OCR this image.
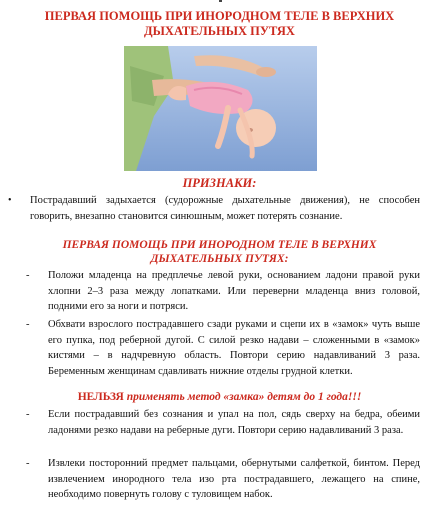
ПЕРВАЯ ПОМОЩЬ ПРИ ИНОРОДНОМ ТЕЛЕ В ВЕРХНИХ
ДЫХАТЕЛЬНЫХ ПУТЯХ
ПРИЗНАКИ:
• Пострадавший задыхается (судорожные дыхательные движения), не способен говорить, внезапно становится синюшным, может потерять сознание.
ПЕРВАЯ ПОМОЩЬ ПРИ ИНОРОДНОМ ТЕЛЕ В ВЕРХНИХ
ДЫХАТЕЛЬНЫХ ПУТЯХ:
- Положи младенца на предплечье левой руки, основанием ладони правой руки хлопни 2–3 раза между лопатками. Или переверни младенца вниз головой, подними его за ноги и потряси.
- Обхвати взрослого пострадавшего сзади руками и сцепи их в «замок» чуть выше его пупка, под реберной дугой. С силой резко надави – сложенными в «замок» кистями – в надчревную область. Повтори серию надавливаний 3 раза. Беременным женщинам сдавливать нижние отделы грудной клетки.
НЕЛЬЗЯ применять метод «замка» детям до 1 года!!!
- Если пострадавший без сознания и упал на пол, сядь сверху на бедра, обеими ладонями резко надави на реберные дуги. Повтори серию надавливаний 3 раза.
- Извлеки посторонний предмет пальцами, обернутыми салфеткой, бинтом. Перед извлечением инородного тела изо рта пострадавшего, лежащего на спине, необходимо повернуть голову с туловищем набок.
